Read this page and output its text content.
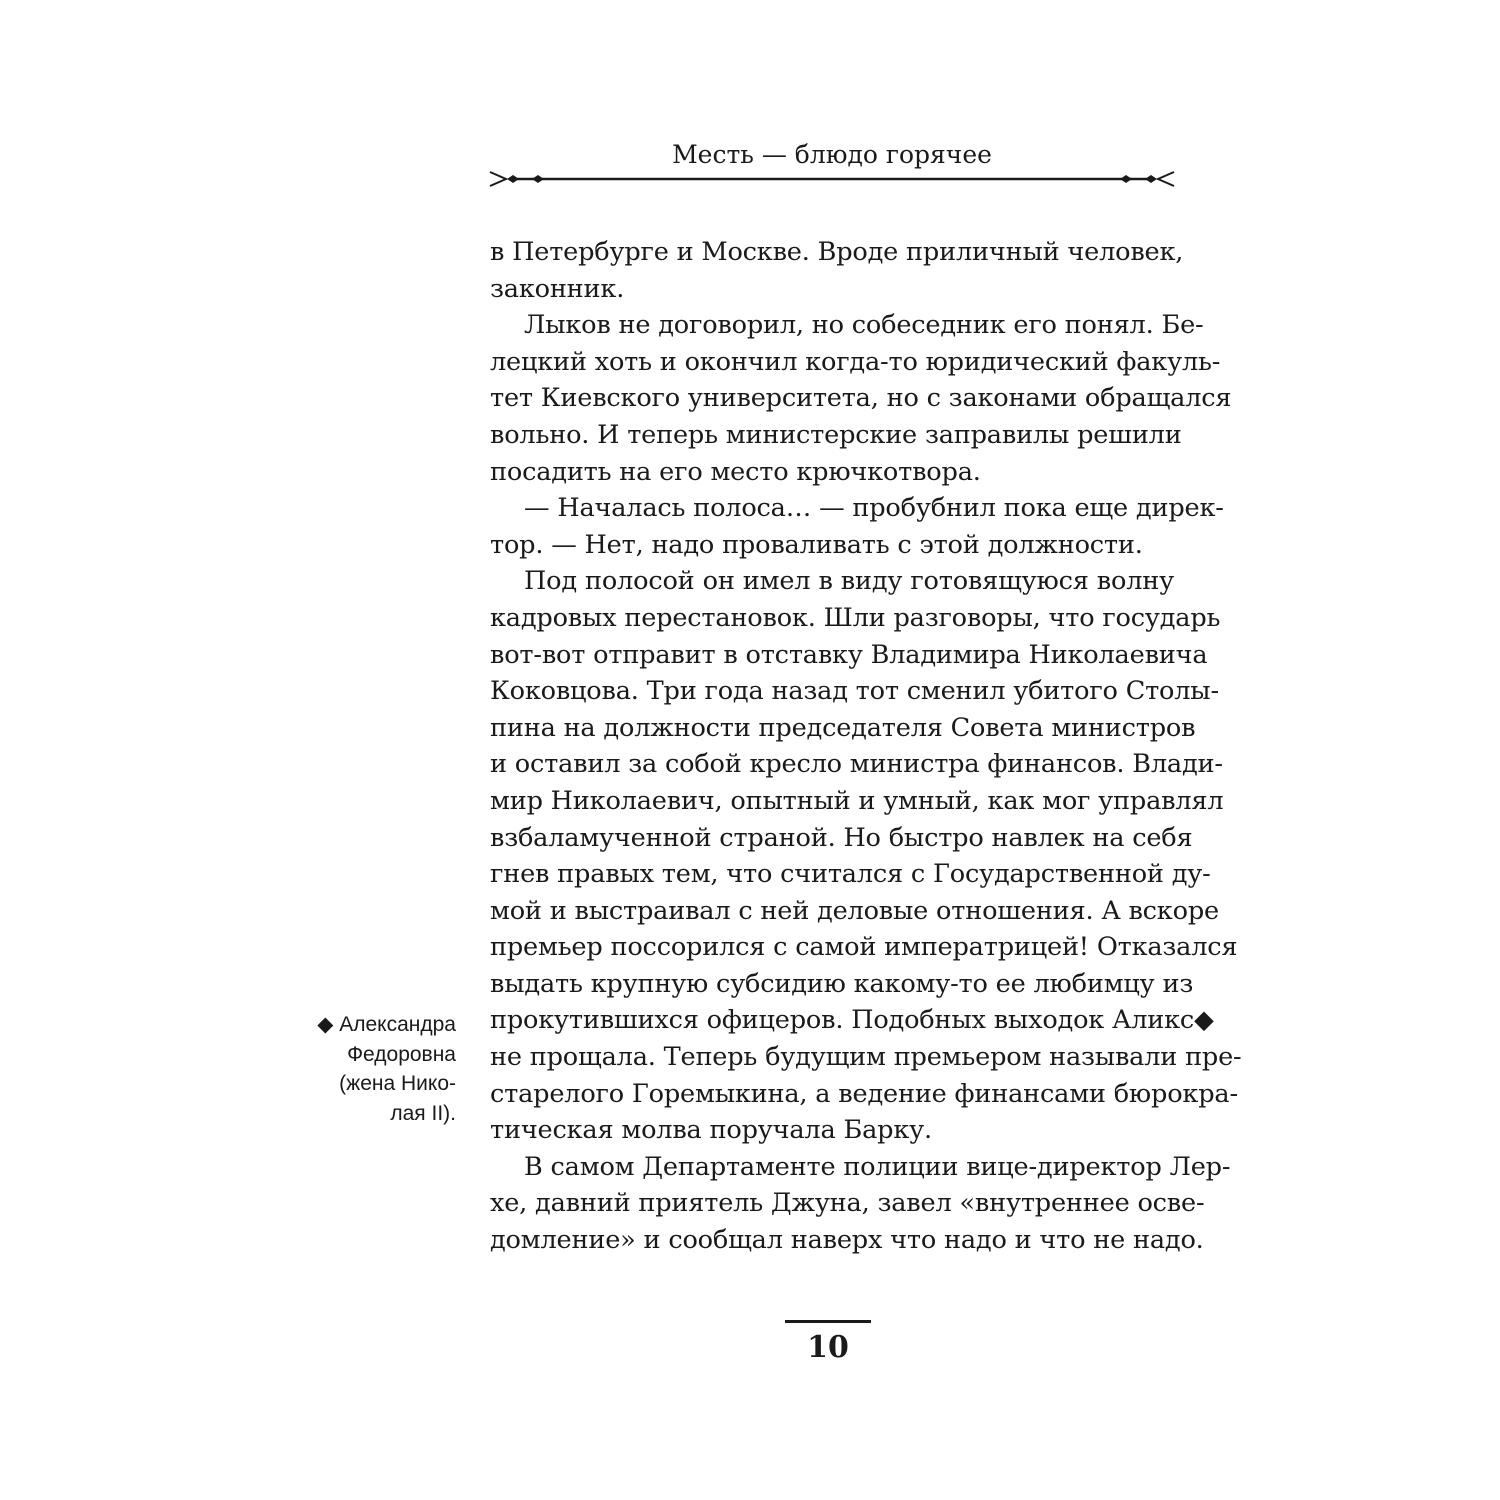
Месть — блюдо горячее
в Петербурге и Москве. Вроде приличный человек,
законник.
Лыков не договорил, но собеседник его понял. Бе-
лецкий хоть и окончил когда-то юридический факуль-
тет Киевского университета, но с законами обращался
вольно. И теперь министерские заправилы решили
посадить на его место крючкотвора.
— Началась полоса… — пробубнил пока еще дирек-
тор. — Нет, надо проваливать с этой должности.
Под полосой он имел в виду готовящуюся волну
кадровых перестановок. Шли разговоры, что государь
вот-вот отправит в отставку Владимира Николаевича
Коковцова. Три года назад тот сменил убитого Столы-
пина на должности председателя Совета министров
и оставил за собой кресло министра финансов. Влади-
мир Николаевич, опытный и умный, как мог управлял
взбаламученной страной. Но быстро навлек на себя
гнев правых тем, что считался с Государственной ду-
мой и выстраивал с ней деловые отношения. А вскоре
премьер поссорился с самой императрицей! Отказался
выдать крупную субсидию какому-то ее любимцу из
прокутившихся офицеров. Подобных выходок Аликс◆
не прощала. Теперь будущим премьером называли пре-
старелого Горемыкина, а ведение финансами бюрокра-
тическая молва поручала Барку.
В самом Департаменте полиции вице-директор Лер-
хе, давний приятель Джуна, завел «внутреннее осве-
домление» и сообщал наверх что надо и что не надо.
◆ Александра
Федоровна
(жена Нико-
лая II).
10
